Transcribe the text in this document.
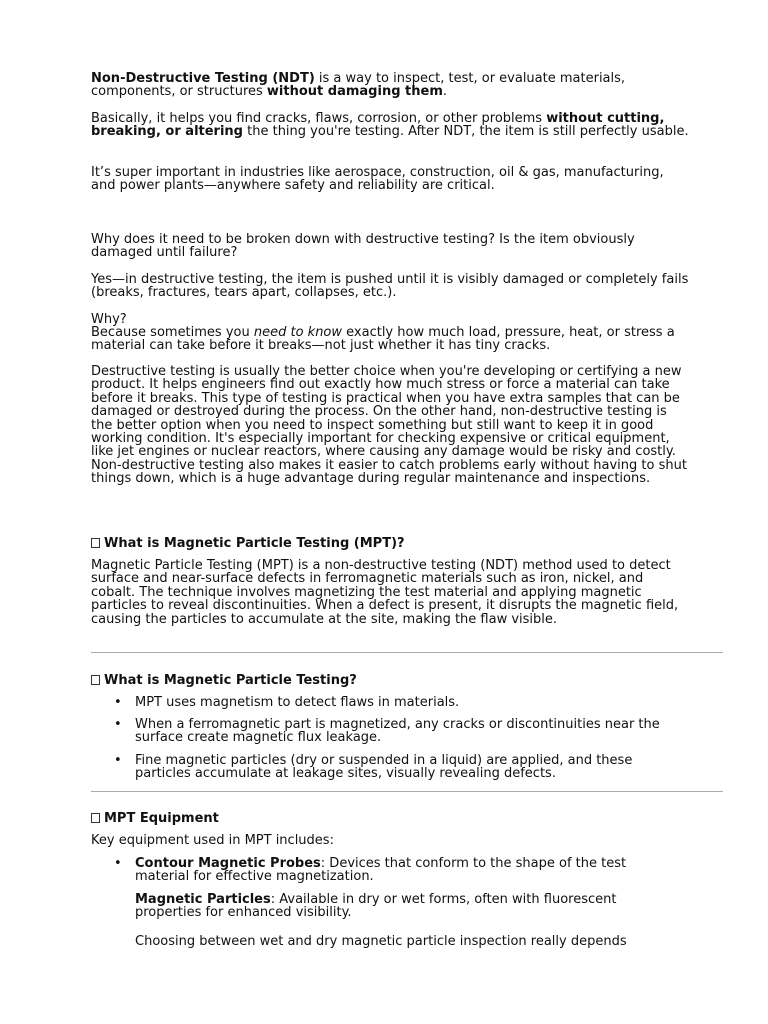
Non-Destructive Testing (NDT) is a way to inspect, test, or evaluate materials, components, or structures without damaging them.

Basically, it helps you find cracks, flaws, corrosion, or other problems without cutting, breaking, or altering the thing you're testing. After NDT, the item is still perfectly usable.

It’s super important in industries like aerospace, construction, oil & gas, manufacturing, and power plants—anywhere safety and reliability are critical.

Why does it need to be broken down with destructive testing? Is the item obviously damaged until failure?

Yes—in destructive testing, the item is pushed until it is visibly damaged or completely fails (breaks, fractures, tears apart, collapses, etc.).

Why?

Because sometimes you need to know exactly how much load, pressure, heat, or stress a material can take before it breaks—not just whether it has tiny cracks.

Destructive testing is usually the better choice when you're developing or certifying a new product. It helps engineers find out exactly how much stress or force a material can take before it breaks. This type of testing is practical when you have extra samples that can be damaged or destroyed during the process. On the other hand, non-destructive testing is the better option when you need to inspect something but still want to keep it in good working condition. It's especially important for checking expensive or critical equipment, like jet engines or nuclear reactors, where causing any damage would be risky and costly. Non-destructive testing also makes it easier to catch problems early without having to shut things down, which is a huge advantage during regular maintenance and inspections.

What is Magnetic Particle Testing (MPT)?

Magnetic Particle Testing (MPT) is a non-destructive testing (NDT) method used to detect surface and near-surface defects in ferromagnetic materials such as iron, nickel, and cobalt. The technique involves magnetizing the test material and applying magnetic particles to reveal discontinuities. When a defect is present, it disrupts the magnetic field, causing the particles to accumulate at the site, making the flaw visible.

What is Magnetic Particle Testing?

• MPT uses magnetism to detect flaws in materials.
• When a ferromagnetic part is magnetized, any cracks or discontinuities near the surface create magnetic flux leakage.
• Fine magnetic particles (dry or suspended in a liquid) are applied, and these particles accumulate at leakage sites, visually revealing defects.

MPT Equipment

Key equipment used in MPT includes:

• Contour Magnetic Probes: Devices that conform to the shape of the test material for effective magnetization.

Magnetic Particles: Available in dry or wet forms, often with fluorescent properties for enhanced visibility.

Choosing between wet and dry magnetic particle inspection really depends
